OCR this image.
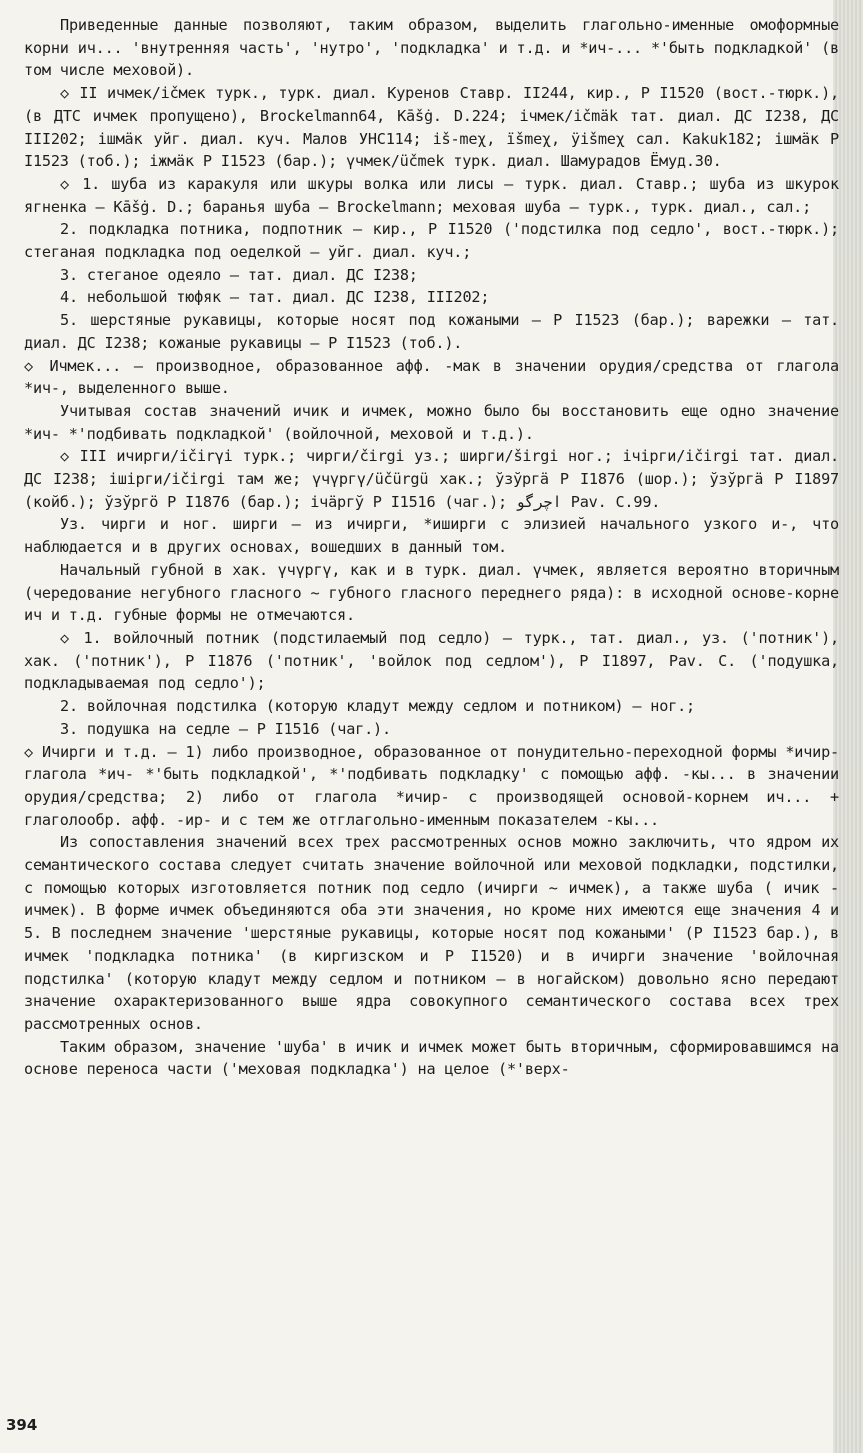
Приведенные данные позволяют, таким образом, выделить глагольно-именные омоформные корни ич... 'внутренняя часть', 'нутро', 'подкладка' и т.д. и *ич-... *'быть подкладкой' (в том числе меховой).

◇ II ичмек/ičмек турк., турк. диал. Куренов Ставр. II244, кир., Р I1520 (вост.-тюрк.), (в ДТС ичмек пропущено), Brockelmann64, Kāšġ. D.224; ічмек/ičmäk тат. диал. ДС I238, ДС III202; ішмäк уйг. диал. куч. Малов УНС114; іš-meχ, ïšmeχ, ÿišmeχ сал. Kakuk182; ішмäк Р I1523 (тоб.); іжмäк Р I1523 (бар.); үчмек/üčmek турк. диал. Шамурадов Ёмуд.30.

◇ 1. шуба из каракуля или шкуры волка или лисы – турк. диал. Ставр.; шуба из шкурок ягненка – Kāšġ. D.; баранья шуба – Brockelmann; меховая шуба – турк., турк. диал., сал.;

2. подкладка потника, подпотник – кир., Р I1520 ('подстилка под седло', вост.-тюрк.); стеганая подкладка под оеделкой – уйг. диал. куч.;

3. стеганое одеяло – тат. диал. ДС I238;

4. небольшой тюфяк – тат. диал. ДС I238, III202;

5. шерстяные рукавицы, которые носят под кожаными – Р I1523 (бар.); варежки – тат. диал. ДС I238; кожаные рукавицы – Р I1523 (тоб.).

◇ Ичмек... – производное, образованное афф. -мак в значении орудия/средства от глагола *ич-, выделенного выше.

Учитывая состав значений ичик и ичмек, можно было бы восстановить еще одно значение *ич- *'подбивать подкладкой' (войлочной, меховой и т.д.).

◇ III ичирги/ičirγi турк.; чирги/čirgi уз.; ширги/širgi ног.; ічірги/ičirgi тат. диал. ДС I238; ішірги/ičirgi там же; үчүргү/üčürgü хак.; ўзўргä Р I1876 (шор.); ўзўргä Р I1897 (койб.); ўзўргö Р I1876 (бар.); ічäргў Р I1516 (чаг.); اچرگو Pav. C.99.

Уз. чирги и ног. ширги – из ичирги, *иширги с элизией начального узкого и-, что наблюдается и в других основах, вошедших в данный том.

Начальный губной в хак. үчүргү, как и в турк. диал. үчмек, является вероятно вторичным (чередование негубного гласного ~ губного гласного переднего ряда): в исходной основе-корне ич и т.д. губные формы не отмечаются.

◇ 1. войлочный потник (подстилаемый под седло) – турк., тат. диал., уз. ('потник'), хак. ('потник'), Р I1876 ('потник', 'войлок под седлом'), Р I1897, Pav. C. ('подушка, подкладываемая под седло');

2. войлочная подстилка (которую кладут между седлом и потником) – ног.;

3. подушка на седле – Р I1516 (чаг.).

◇ Ичирги и т.д. – 1) либо производное, образованное от понудительно-переходной формы *ичир- глагола *ич- *'быть подкладкой', *'подбивать подкладку' с помощью афф. -кы... в значении орудия/средства; 2) либо от глагола *ичир- с производящей основой-корнем ич... + глаголообр. афф. -ир- и с тем же отглагольно-именным показателем -кы...

Из сопоставления значений всех трех рассмотренных основ можно заключить, что ядром их семантического состава следует считать значение войлочной или меховой подкладки, подстилки, с помощью которых изготовляется потник под седло (ичирги ~ ичмек), а также шуба ( ичик - ичмек). В форме ичмек объединяются оба эти значения, но кроме них имеются еще значения 4 и 5. В последнем значение 'шерстяные рукавицы, которые носят под кожаными' (Р I1523 бар.), в ичмек 'подкладка потника' (в киргизском и Р I1520) и в ичирги значение 'войлочная подстилка' (которую кладут между седлом и потником – в ногайском) довольно ясно передают значение охарактеризованного выше ядра совокупного семантического состава всех трех рассмотренных основ.

Таким образом, значение 'шуба' в ичик и ичмек может быть вторичным, сформировавшимся на основе переноса части ('меховая подкладка') на целое (*'верх-

394
